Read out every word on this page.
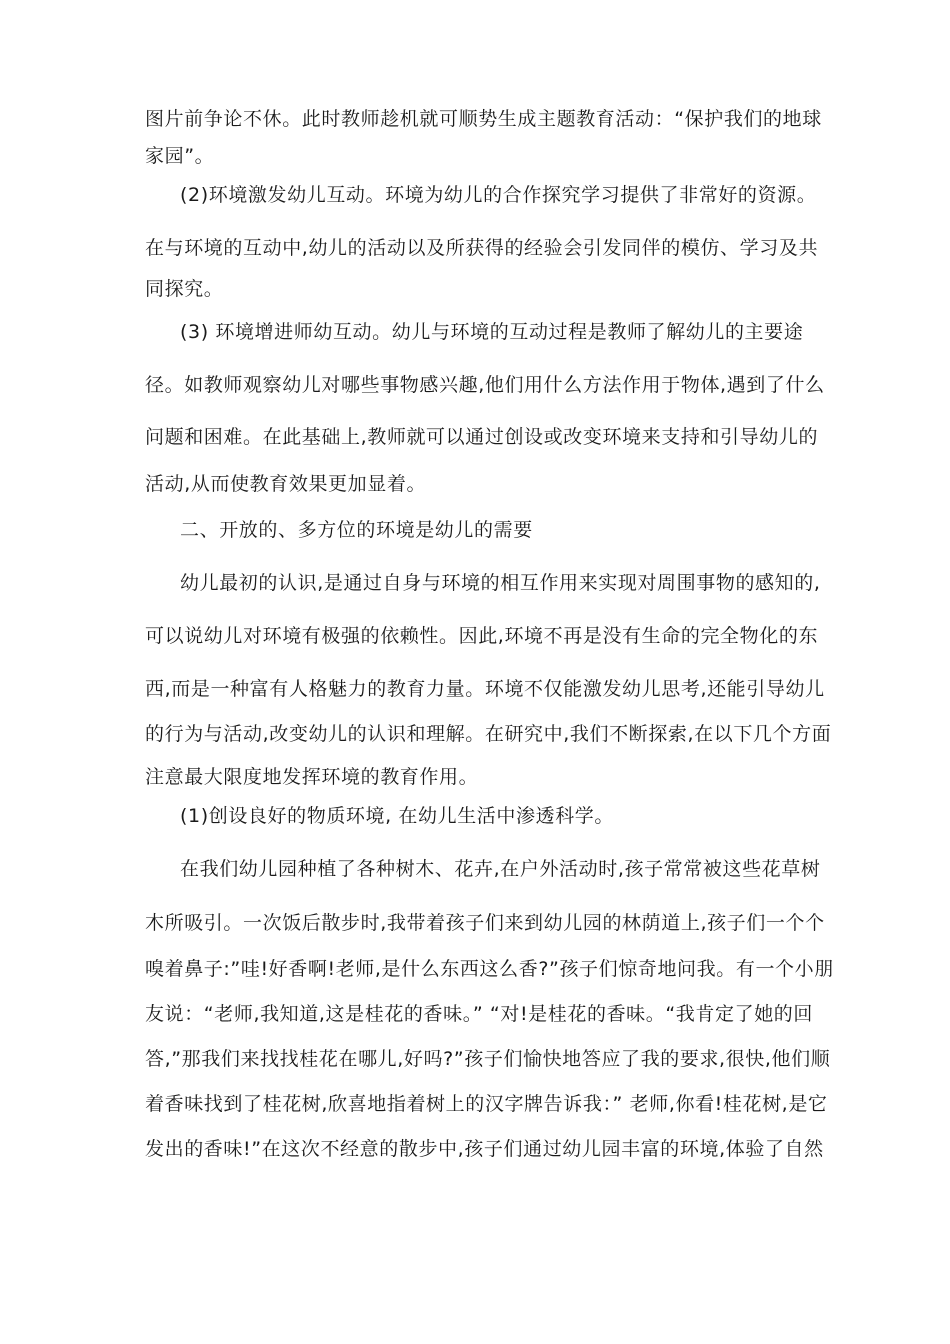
图片前争论不休。此时教师趁机就可顺势生成主题教育活动：“保护我们的地球
家园”。
(2)环境激发幼儿互动。环境为幼儿的合作探究学习提供了非常好的资源。
在与环境的互动中,幼儿的活动以及所获得的经验会引发同伴的模仿、学习及共
同探究。
(3) 环境增进师幼互动。幼儿与环境的互动过程是教师了解幼儿的主要途
径。如教师观察幼儿对哪些事物感兴趣,他们用什么方法作用于物体,遇到了什么
问题和困难。在此基础上,教师就可以通过创设或改变环境来支持和引导幼儿的
活动,从而使教育效果更加显着。
二、开放的、多方位的环境是幼儿的需要
幼儿最初的认识,是通过自身与环境的相互作用来实现对周围事物的感知的,
可以说幼儿对环境有极强的依赖性。因此,环境不再是没有生命的完全物化的东
西,而是一种富有人格魅力的教育力量。环境不仅能激发幼儿思考,还能引导幼儿
的行为与活动,改变幼儿的认识和理解。在研究中,我们不断探索,在以下几个方面
注意最大限度地发挥环境的教育作用。
(1)创设良好的物质环境, 在幼儿生活中渗透科学。
在我们幼儿园种植了各种树木、花卉,在户外活动时,孩子常常被这些花草树
木所吸引。一次饭后散步时,我带着孩子们来到幼儿园的林荫道上,孩子们一个个
嗅着鼻子:”哇!好香啊!老师,是什么东西这么香?”孩子们惊奇地问我。有一个小朋
友说：“老师,我知道,这是桂花的香味。” “对!是桂花的香味。“我肯定了她的回
答,”那我们来找找桂花在哪儿,好吗?”孩子们愉快地答应了我的要求,很快,他们顺
着香味找到了桂花树,欣喜地指着树上的汉字牌告诉我：” 老师,你看!桂花树,是它
发出的香味!”在这次不经意的散步中,孩子们通过幼儿园丰富的环境,体验了自然
